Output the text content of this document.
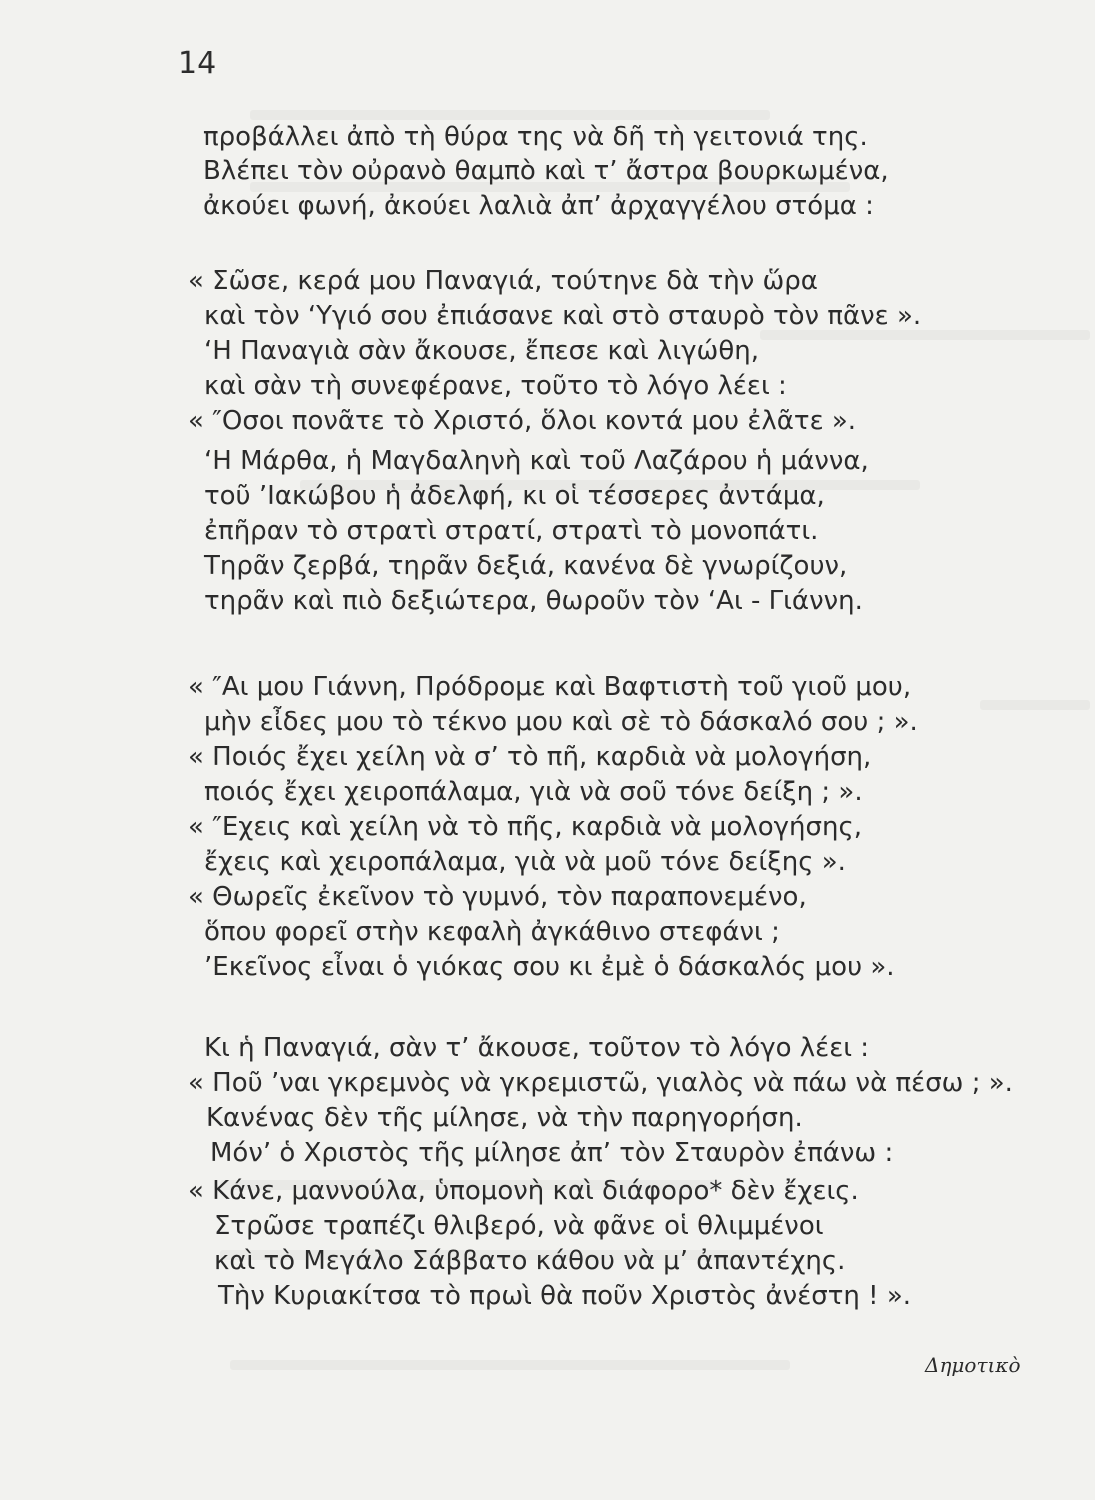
14
προβάλλει ἀπὸ τὴ θύρα της νὰ δῆ τὴ γειτονιά της.
Βλέπει τὸν οὐρανὸ θαμπὸ καὶ τ’ ἄστρα βουρκωμένα,
ἀκούει φωνή, ἀκούει λαλιὰ ἀπ’ ἀρχαγγέλου στόμα :
« Σῶσε, κερά μου Παναγιά, τούτηνε δὰ τὴν ὥρα
καὶ τὸν ‘Υγιό σου ἐπιάσανε καὶ στὸ σταυρὸ τὸν πᾶνε ».
‘Η Παναγιὰ σὰν ἄκουσε, ἔπεσε καὶ λιγώθη,
καὶ σὰν τὴ συνεφέρανε, τοῦτο τὸ λόγο λέει :
« ″Οσοι πονᾶτε τὸ Χριστό, ὅλοι κοντά μου ἐλᾶτε ».
‘Η Μάρθα, ἡ Μαγδαληνὴ καὶ τοῦ Λαζάρου ἡ μάννα,
τοῦ ’Ιακώβου ἡ ἀδελφή, κι οἱ τέσσερες ἀντάμα,
ἐπῆραν τὸ στρατὶ στρατί, στρατὶ τὸ μονοπάτι.
Τηρᾶν ζερβά, τηρᾶν δεξιά, κανένα δὲ γνωρίζουν,
τηρᾶν καὶ πιὸ δεξιώτερα, θωροῦν τὸν ‘Αι - Γιάννη.
« ″Αι μου Γιάννη, Πρόδρομε καὶ Βαφτιστὴ τοῦ γιοῦ μου,
μὴν εἶδες μου τὸ τέκνο μου καὶ σὲ τὸ δάσκαλό σου ; ».
« Ποιός ἔχει χείλη νὰ σ’ τὸ πῆ, καρδιὰ νὰ μολογήση,
ποιός ἔχει χειροπάλαμα, γιὰ νὰ σοῦ τόνε δείξη ; ».
« ″Εχεις καὶ χείλη νὰ τὸ πῆς, καρδιὰ νὰ μολογήσης,
ἔχεις καὶ χειροπάλαμα, γιὰ νὰ μοῦ τόνε δείξης ».
« Θωρεῖς ἐκεῖνον τὸ γυμνό, τὸν παραπονεμένο,
ὅπου φορεῖ στὴν κεφαλὴ ἀγκάθινο στεφάνι ;
’Εκεῖνος εἶναι ὁ γιόκας σου κι ἐμὲ ὁ δάσκαλός μου ».
Κι ἡ Παναγιά, σὰν τ’ ἄκουσε, τοῦτον τὸ λόγο λέει :
« Ποῦ ’ναι γκρεμνὸς νὰ γκρεμιστῶ, γιαλὸς νὰ πάω νὰ πέσω ; ».
Κανένας δὲν τῆς μίλησε, νὰ τὴν παρηγορήση.
Μόν’ ὁ Χριστὸς τῆς μίλησε ἀπ’ τὸν Σταυρὸν ἐπάνω :
« Κάνε, μαννούλα, ὑπομονὴ καὶ διάφορο* δὲν ἔχεις.
Στρῶσε τραπέζι θλιβερό, νὰ φᾶνε οἱ θλιμμένοι
καὶ τὸ Μεγάλο Σάββατο κάθου νὰ μ’ ἀπαντέχης.
Τὴν Κυριακίτσα τὸ πρωὶ θὰ ποῦν Χριστὸς ἀνέστη ! ».
Δημοτικὸ
